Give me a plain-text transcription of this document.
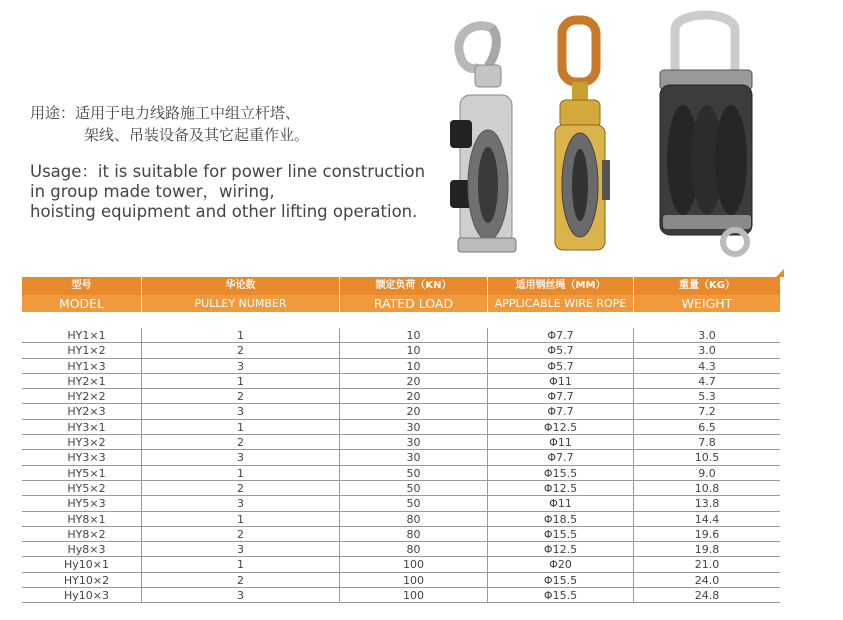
用途：适用于电力线路施工中组立杆塔、
架线、吊装设备及其它起重作业。
Usage：it is suitable for power line construction
in group made tower，wiring,
hoisting equipment and other lifting operation.
型号	华论数	额定负荷（KN）	适用钢丝绳（MM）	重量（KG）
MODEL	PULLEY NUMBER	RATED LOAD	APPLICABLE WIRE ROPE	WEIGHT
HY1×1	1	10	Φ7.7	3.0
HY1×2	2	10	Φ5.7	3.0
HY1×3	3	10	Φ5.7	4.3
HY2×1	1	20	Φ11	4.7
HY2×2	2	20	Φ7.7	5.3
HY2×3	3	20	Φ7.7	7.2
HY3×1	1	30	Φ12.5	6.5
HY3×2	2	30	Φ11	7.8
HY3×3	3	30	Φ7.7	10.5
HY5×1	1	50	Φ15.5	9.0
HY5×2	2	50	Φ12.5	10.8
HY5×3	3	50	Φ11	13.8
HY8×1	1	80	Φ18.5	14.4
HY8×2	2	80	Φ15.5	19.6
Hy8×3	3	80	Φ12.5	19.8
Hy10×1	1	100	Φ20	21.0
HY10×2	2	100	Φ15.5	24.0
Hy10×3	3	100	Φ15.5	24.8
